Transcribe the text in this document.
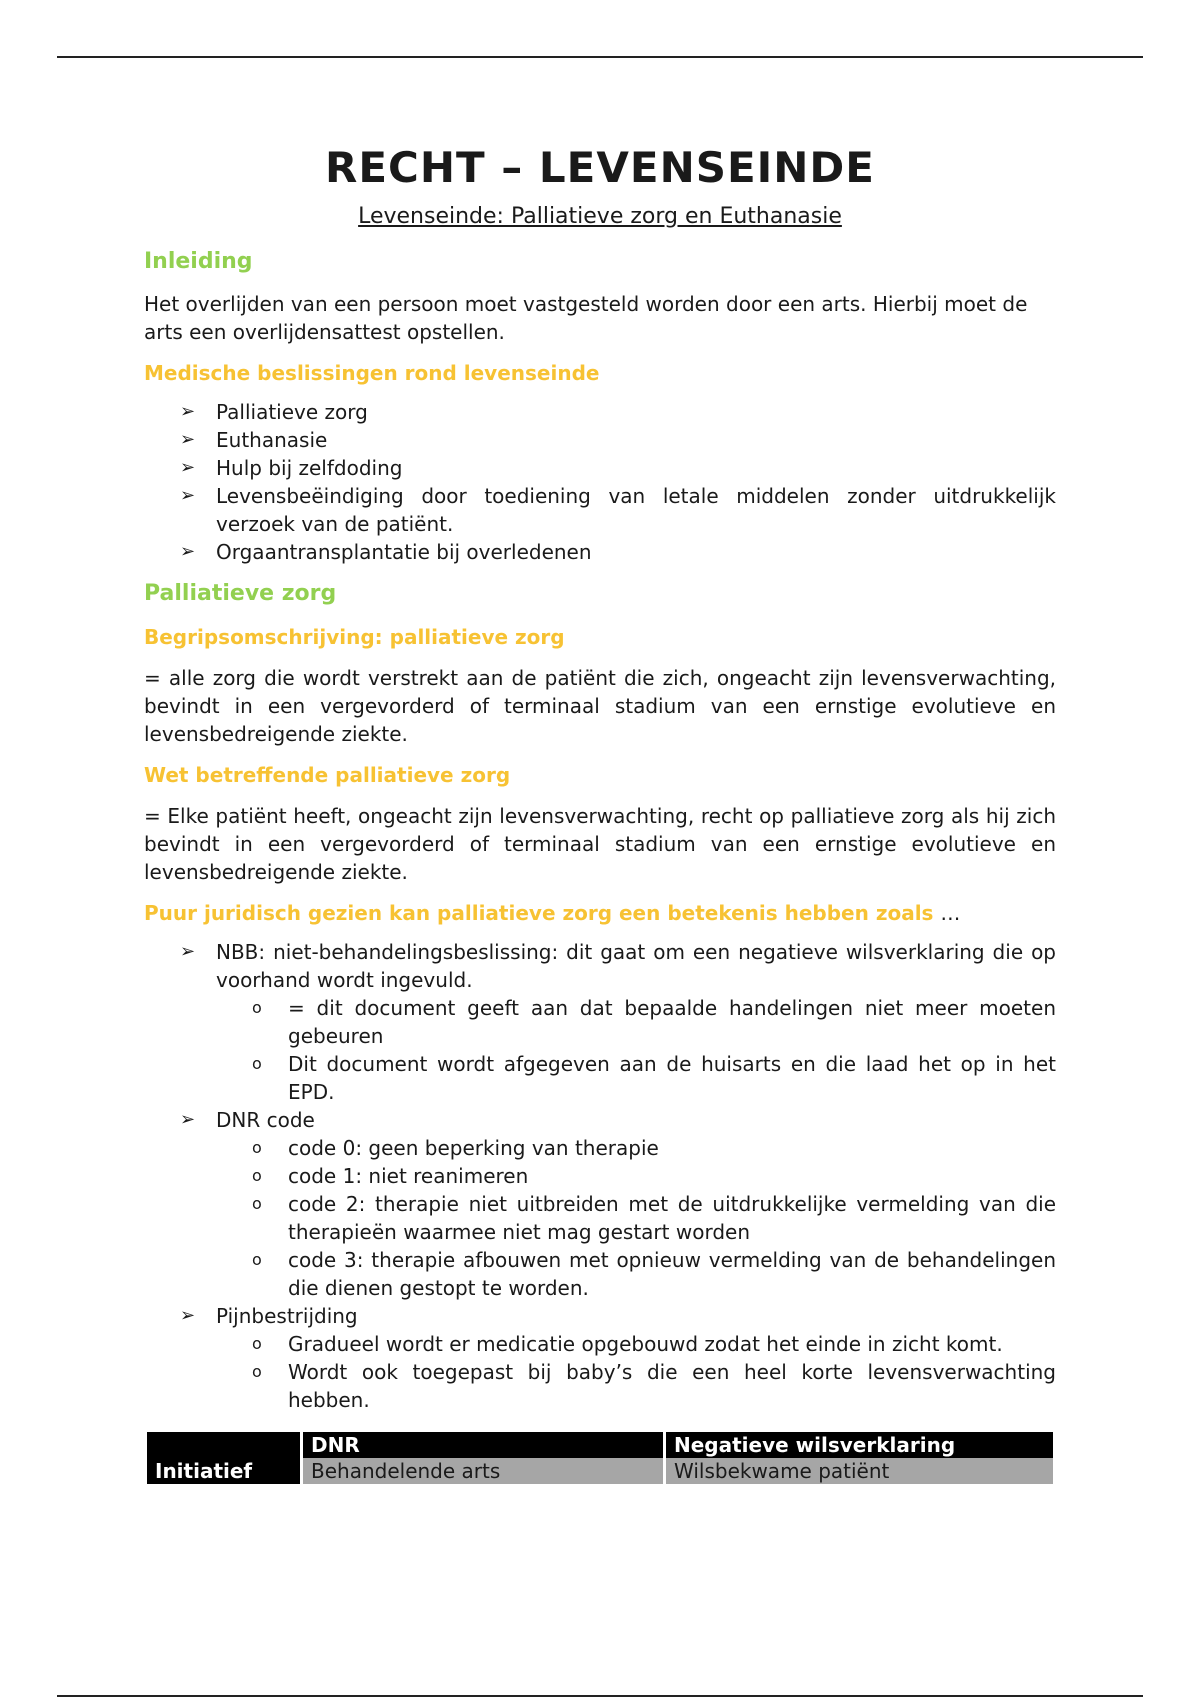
RECHT – LEVENSEINDE

Levenseinde: Palliatieve zorg en Euthanasie

Inleiding

Het overlijden van een persoon moet vastgesteld worden door een arts. Hierbij moet de arts een overlijdensattest opstellen.

Medische beslissingen rond levenseinde
➢ Palliatieve zorg
➢ Euthanasie
➢ Hulp bij zelfdoding
➢ Levensbeëindiging door toediening van letale middelen zonder uitdrukkelijk verzoek van de patiënt.
➢ Orgaantransplantatie bij overledenen
Palliatieve zorg
Begripsomschrijving: palliatieve zorg

= alle zorg die wordt verstrekt aan de patiënt die zich, ongeacht zijn levensverwachting, bevindt in een vergevorderd of terminaal stadium van een ernstige evolutieve en levensbedreigende ziekte.

Wet betreffende palliatieve zorg

= Elke patiënt heeft, ongeacht zijn levensverwachting, recht op palliatieve zorg als hij zich bevindt in een vergevorderd of terminaal stadium van een ernstige evolutieve en levensbedreigende ziekte.

Puur juridisch gezien kan palliatieve zorg een betekenis hebben zoals …
➢ NBB: niet-behandelingsbeslissing: dit gaat om een negatieve wilsverklaring die op voorhand wordt ingevuld.
o = dit document geeft aan dat bepaalde handelingen niet meer moeten gebeuren
o Dit document wordt afgegeven aan de huisarts en die laad het op in het EPD.
➢ DNR code
o code 0: geen beperking van therapie
o code 1: niet reanimeren
o code 2: therapie niet uitbreiden met de uitdrukkelijke vermelding van die therapieën waarmee niet mag gestart worden
o code 3: therapie afbouwen met opnieuw vermelding van de behandelingen die dienen gestopt te worden.
➢ Pijnbestrijding
o Gradueel wordt er medicatie opgebouwd zodat het einde in zicht komt.
o Wordt ook toegepast bij baby’s die een heel korte levensverwachting hebben.
	DNR	Negatieve wilsverklaring
Initiatief	Behandelende arts	Wilsbekwame patiënt
